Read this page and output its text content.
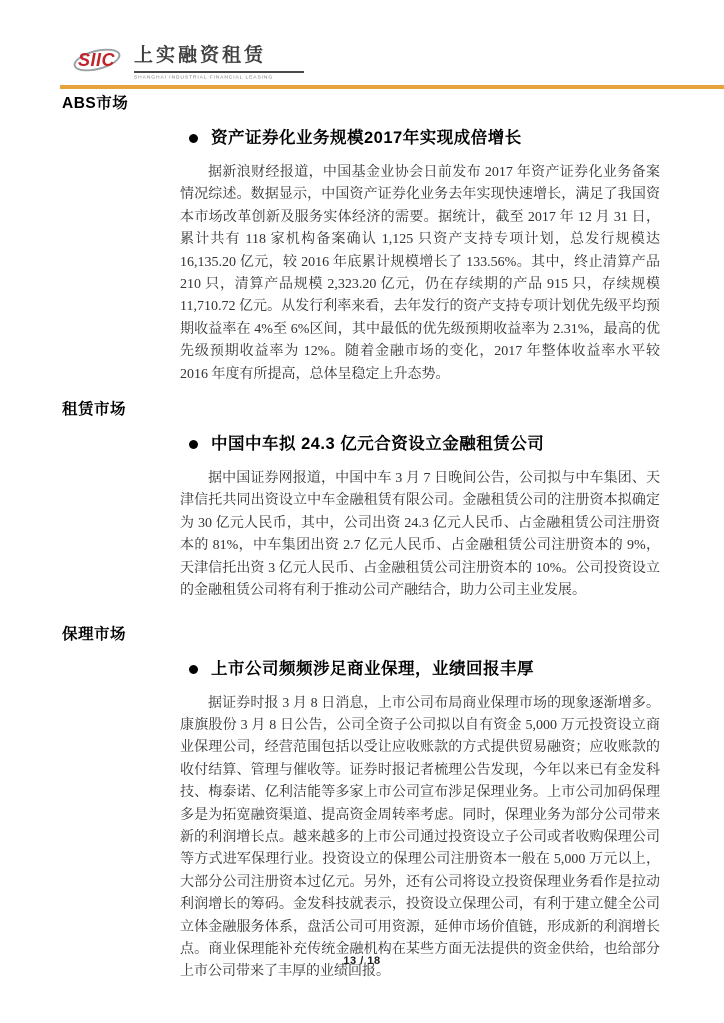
SIIC 上实融资租赁
SHANGHAI INDUSTRIAL FINANCIAL LEASING
ABS市场
资产证券化业务规模2017年实现成倍增长

据新浪财经报道，中国基金业协会日前发布 2017 年资产证券化业务备案情况综述。数据显示，中国资产证券化业务去年实现快速增长，满足了我国资本市场改革创新及服务实体经济的需要。据统计，截至 2017 年 12 月 31 日，累计共有 118 家机构备案确认 1,125 只资产支持专项计划，总发行规模达 16,135.20 亿元，较 2016 年底累计规模增长了 133.56%。其中，终止清算产品 210 只，清算产品规模 2,323.20 亿元，仍在存续期的产品 915 只，存续规模 11,710.72 亿元。从发行利率来看，去年发行的资产支持专项计划优先级平均预期收益率在 4%至 6%区间，其中最低的优先级预期收益率为 2.31%，最高的优先级预期收益率为 12%。随着金融市场的变化，2017 年整体收益率水平较 2016 年度有所提高，总体呈稳定上升态势。

租赁市场
中国中车拟 24.3 亿元合资设立金融租赁公司

据中国证券网报道，中国中车 3 月 7 日晚间公告，公司拟与中车集团、天津信托共同出资设立中车金融租赁有限公司。金融租赁公司的注册资本拟确定为 30 亿元人民币，其中，公司出资 24.3 亿元人民币、占金融租赁公司注册资本的 81%，中车集团出资 2.7 亿元人民币、占金融租赁公司注册资本的 9%，天津信托出资 3 亿元人民币、占金融租赁公司注册资本的 10%。公司投资设立的金融租赁公司将有利于推动公司产融结合，助力公司主业发展。

保理市场
上市公司频频涉足商业保理，业绩回报丰厚

据证券时报 3 月 8 日消息，上市公司布局商业保理市场的现象逐渐增多。康旗股份 3 月 8 日公告，公司全资子公司拟以自有资金 5,000 万元投资设立商业保理公司，经营范围包括以受让应收账款的方式提供贸易融资；应收账款的收付结算、管理与催收等。证券时报记者梳理公告发现，今年以来已有金发科技、梅泰诺、亿利洁能等多家上市公司宣布涉足保理业务。上市公司加码保理多是为拓宽融资渠道、提高资金周转率考虑。同时，保理业务为部分公司带来新的利润增长点。越来越多的上市公司通过投资设立子公司或者收购保理公司等方式进军保理行业。投资设立的保理公司注册资本一般在 5,000 万元以上，大部分公司注册资本过亿元。另外，还有公司将设立投资保理业务看作是拉动利润增长的筹码。金发科技就表示，投资设立保理公司，有利于建立健全公司立体金融服务体系，盘活公司可用资源，延伸市场价值链，形成新的利润增长点。商业保理能补充传统金融机构在某些方面无法提供的资金供给，也给部分上市公司带来了丰厚的业绩回报。

13 / 18
